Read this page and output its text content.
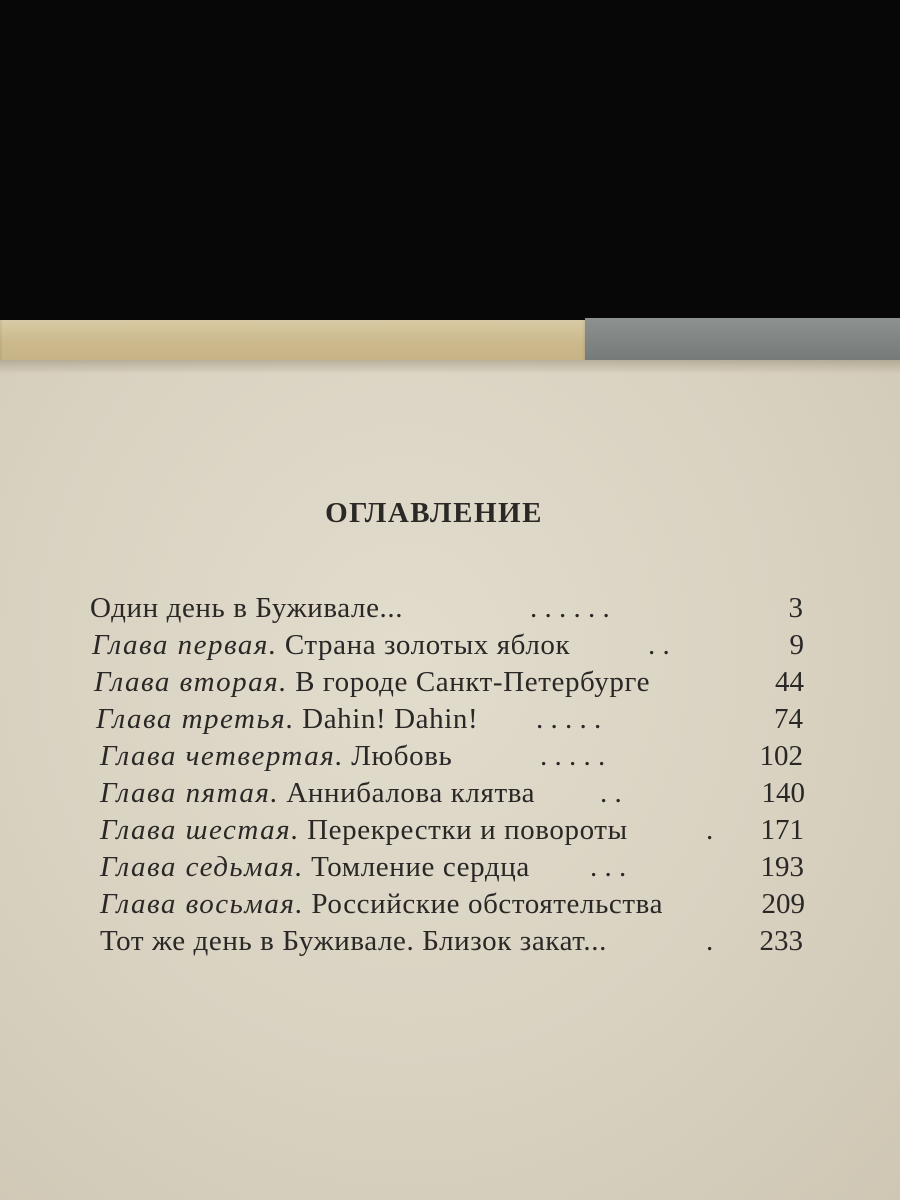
ОГЛАВЛЕНИЕ
Один день в Буживале...	. . . . . .	3
Глава первая. Страна золотых яблок	. .	9
Глава вторая. В городе Санкт-Петербурге	44
Глава третья. Dahin! Dahin! . . . . .	74
Глава четвертая. Любовь	. . . . .	102
Глава пятая. Аннибалова клятва . .	140
Глава шестая. Перекрестки и повороты	. 171
Глава седьмая. Томление сердца . . .	193
Глава восьмая. Российские обстоятельства	209
Тот же день в Буживале. Близок закат...	. 233
